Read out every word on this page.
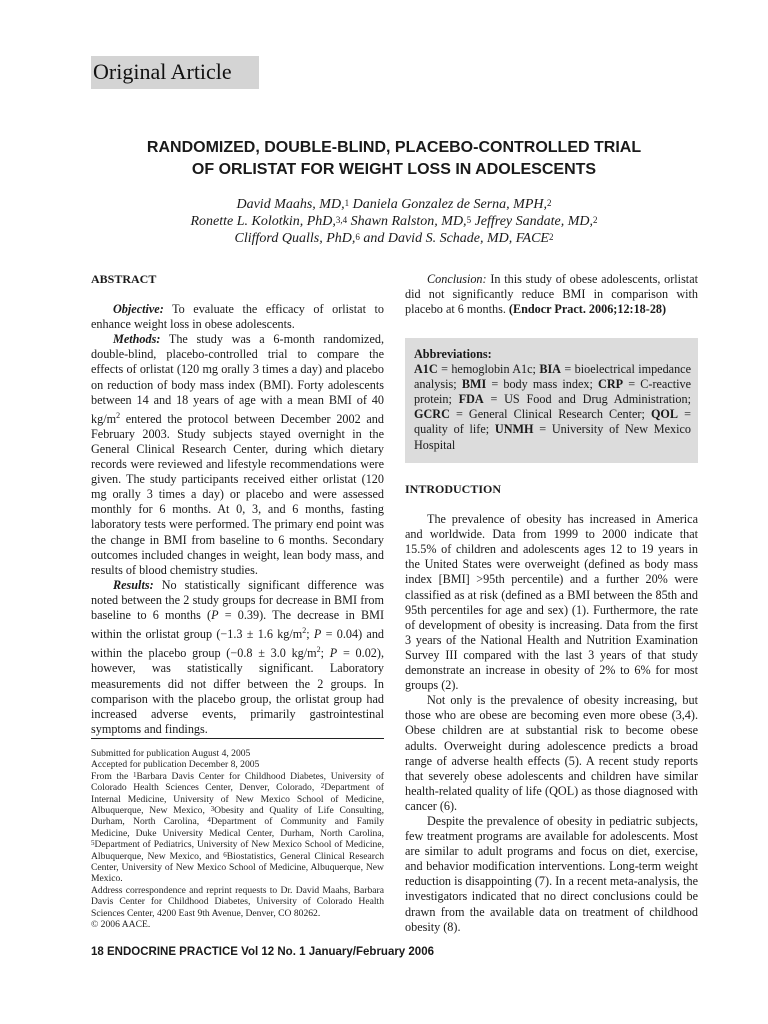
Original Article
RANDOMIZED, DOUBLE-BLIND, PLACEBO-CONTROLLED TRIAL
OF ORLISTAT FOR WEIGHT LOSS IN ADOLESCENTS
David Maahs, MD,$^1$ Daniela Gonzalez de Serna, MPH,$^2$
Ronette L. Kolotkin, PhD,$^{3,4}$ Shawn Ralston, MD,$^5$ Jeffrey Sandate, MD,$^2$
Clifford Qualls, PhD,$^6$ and David S. Schade, MD, FACE$^2$

ABSTRACT

Objective: To evaluate the efficacy of orlistat to enhance weight loss in obese adolescents.

Methods: The study was a 6-month randomized, double-blind, placebo-controlled trial to compare the effects of orlistat (120 mg orally 3 times a day) and placebo on reduction of body mass index (BMI). Forty adolescents between 14 and 18 years of age with a mean BMI of 40 kg/m$^2$ entered the protocol between December 2002 and February 2003. Study subjects stayed overnight in the General Clinical Research Center, during which dietary records were reviewed and lifestyle recommendations were given. The study participants received either orlistat (120 mg orally 3 times a day) or placebo and were assessed monthly for 6 months. At 0, 3, and 6 months, fasting laboratory tests were performed. The primary end point was the change in BMI from baseline to 6 months. Secondary outcomes included changes in weight, lean body mass, and results of blood chemistry studies.

Results: No statistically significant difference was noted between the 2 study groups for decrease in BMI from baseline to 6 months (P = 0.39). The decrease in BMI within the orlistat group (−1.3 ± 1.6 kg/m$^2$; P = 0.04) and within the placebo group (−0.8 ± 3.0 kg/m$^2$; P = 0.02), however, was statistically significant. Laboratory measurements did not differ between the 2 groups. In comparison with the placebo group, the orlistat group had increased adverse events, primarily gastrointestinal symptoms and findings.

Submitted for publication August 4, 2005
Accepted for publication December 8, 2005
From the $^1$Barbara Davis Center for Childhood Diabetes, University of Colorado Health Sciences Center, Denver, Colorado, $^2$Department of Internal Medicine, University of New Mexico School of Medicine, Albuquerque, New Mexico, $^3$Obesity and Quality of Life Consulting, Durham, North Carolina, $^4$Department of Community and Family Medicine, Duke University Medical Center, Durham, North Carolina, $^5$Department of Pediatrics, University of New Mexico School of Medicine, Albuquerque, New Mexico, and $^6$Biostatistics, General Clinical Research Center, University of New Mexico School of Medicine, Albuquerque, New Mexico.
Address correspondence and reprint requests to Dr. David Maahs, Barbara Davis Center for Childhood Diabetes, University of Colorado Health Sciences Center, 4200 East 9th Avenue, Denver, CO 80262.
© 2006 AACE.

Conclusion: In this study of obese adolescents, orlistat did not significantly reduce BMI in comparison with placebo at 6 months. (Endocr Pract. 2006;12:18-28)

Abbreviations:
A1C = hemoglobin A1c; BIA = bioelectrical impedance analysis; BMI = body mass index; CRP = C-reactive protein; FDA = US Food and Drug Administration; GCRC = General Clinical Research Center; QOL = quality of life; UNMH = University of New Mexico Hospital

INTRODUCTION

The prevalence of obesity has increased in America and worldwide. Data from 1999 to 2000 indicate that 15.5% of children and adolescents ages 12 to 19 years in the United States were overweight (defined as body mass index [BMI] >95th percentile) and a further 20% were classified as at risk (defined as a BMI between the 85th and 95th percentiles for age and sex) (1). Furthermore, the rate of development of obesity is increasing. Data from the first 3 years of the National Health and Nutrition Examination Survey III compared with the last 3 years of that study demonstrate an increase in obesity of 2% to 6% for most groups (2).

Not only is the prevalence of obesity increasing, but those who are obese are becoming even more obese (3,4). Obese children are at substantial risk to become obese adults. Overweight during adolescence predicts a broad range of adverse health effects (5). A recent study reports that severely obese adolescents and children have similar health-related quality of life (QOL) as those diagnosed with cancer (6).

Despite the prevalence of obesity in pediatric subjects, few treatment programs are available for adolescents. Most are similar to adult programs and focus on diet, exercise, and behavior modification interventions. Long-term weight reduction is disappointing (7). In a recent meta-analysis, the investigators indicated that no direct conclusions could be drawn from the available data on treatment of childhood obesity (8).

18 ENDOCRINE PRACTICE Vol 12 No. 1 January/February 2006
